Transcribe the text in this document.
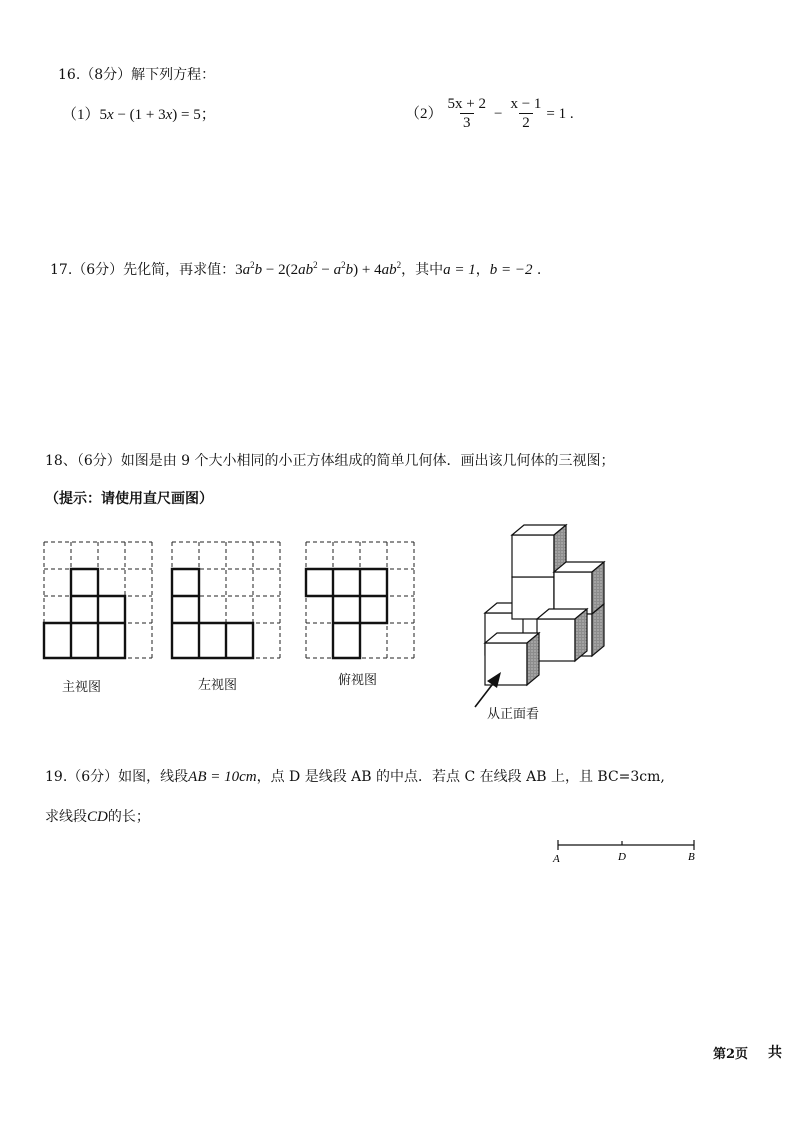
16.（8分）解下列方程：
（1）5x − (1 + 3x) = 5；	$(2) \frac{5x + 2}{3} - \frac{x - 1}{2} = 1$ .
17.（6分）先化简，再求值：$3a^2b - 2(2ab^2 - a^2b) + 4ab^2$，其中a = 1，b = −2 .
18、（6分）如图是由 9 个大小相同的小正方体组成的简单几何体．画出该几何体的三视图；
（提示：请使用直尺画图）
主视图	左视图	俯视图
从正面看
19.（6分）如图，线段AB = 10cm，点 D 是线段 AB 的中点．若点 C 在线段 AB 上，且 BC=3cm,
求线段CD的长；
A	D	B
第2页 共
